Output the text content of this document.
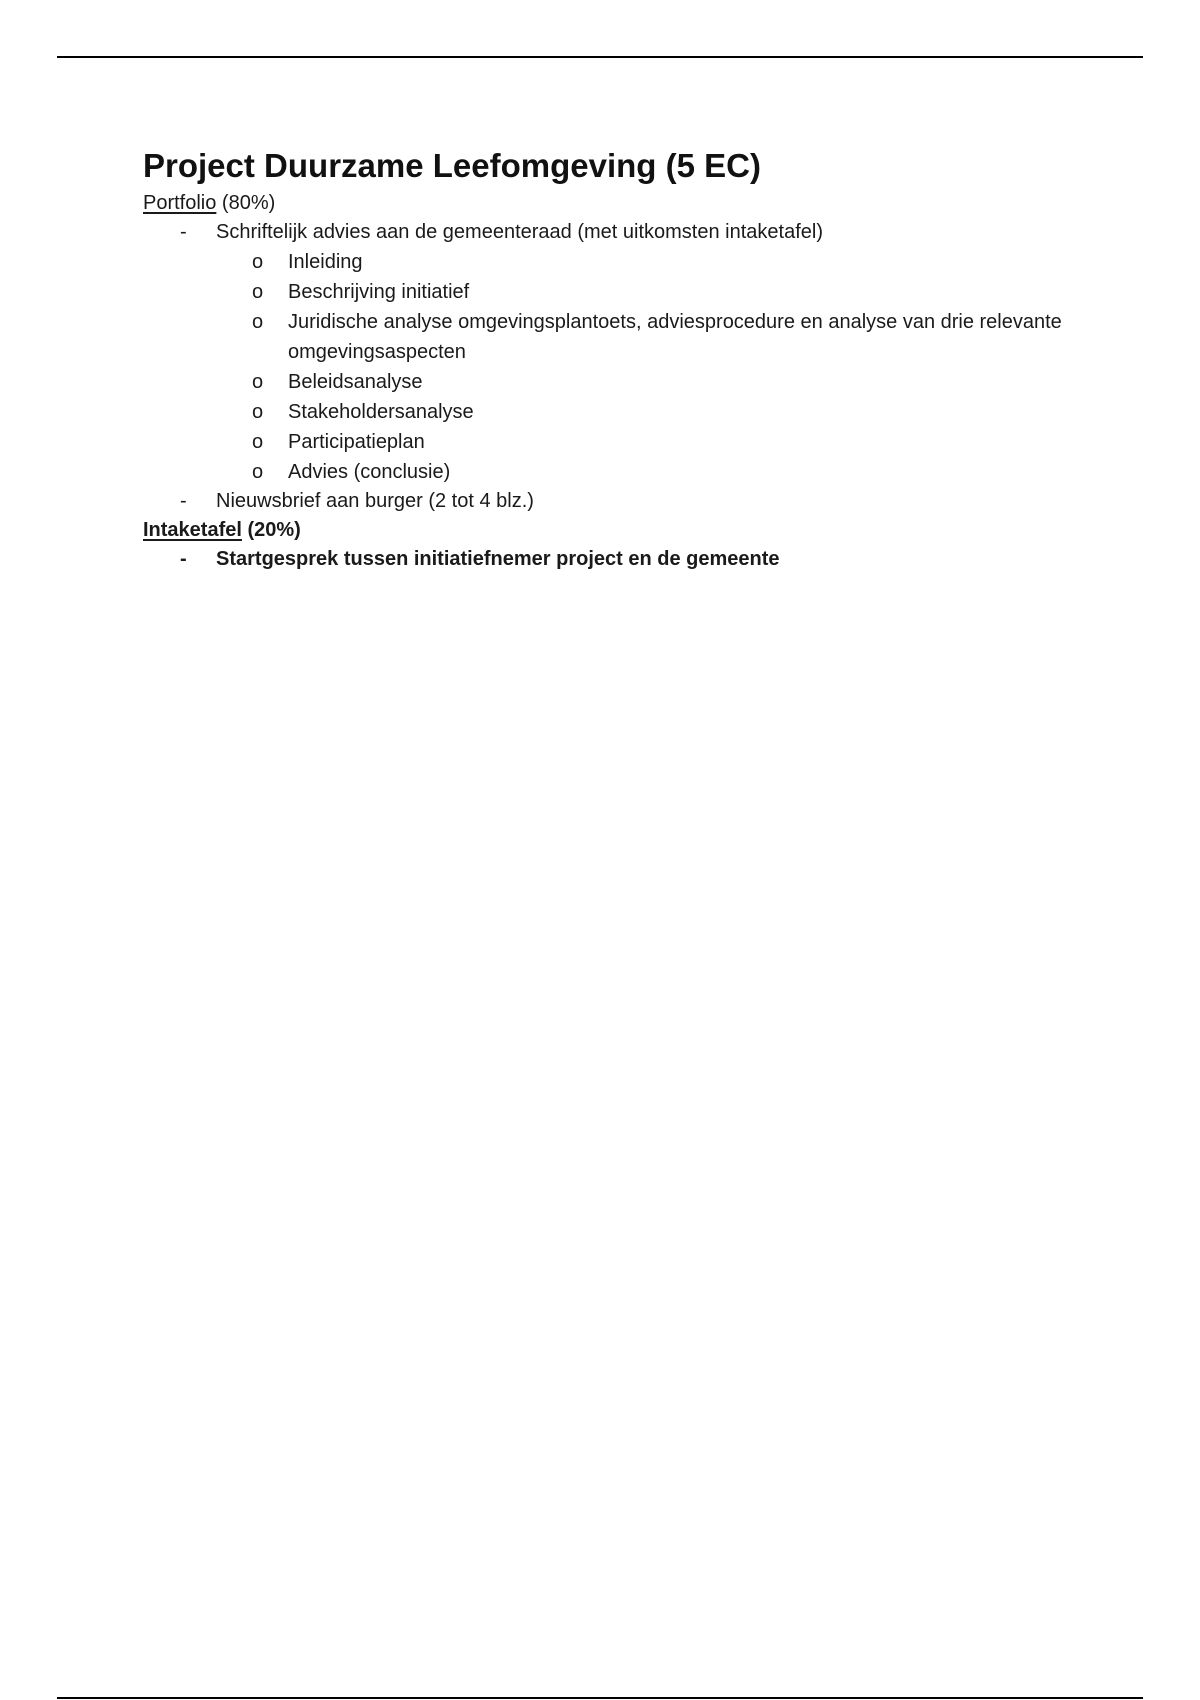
Project Duurzame Leefomgeving (5 EC)
Portfolio (80%)
- Schriftelijk advies aan de gemeenteraad (met uitkomsten intaketafel)
o Inleiding
o Beschrijving initiatief
o Juridische analyse omgevingsplantoets, adviesprocedure en analyse van drie relevante omgevingsaspecten
o Beleidsanalyse
o Stakeholdersanalyse
o Participatieplan
o Advies (conclusie)
- Nieuwsbrief aan burger (2 tot 4 blz.)
Intaketafel (20%)
- Startgesprek tussen initiatiefnemer project en de gemeente
